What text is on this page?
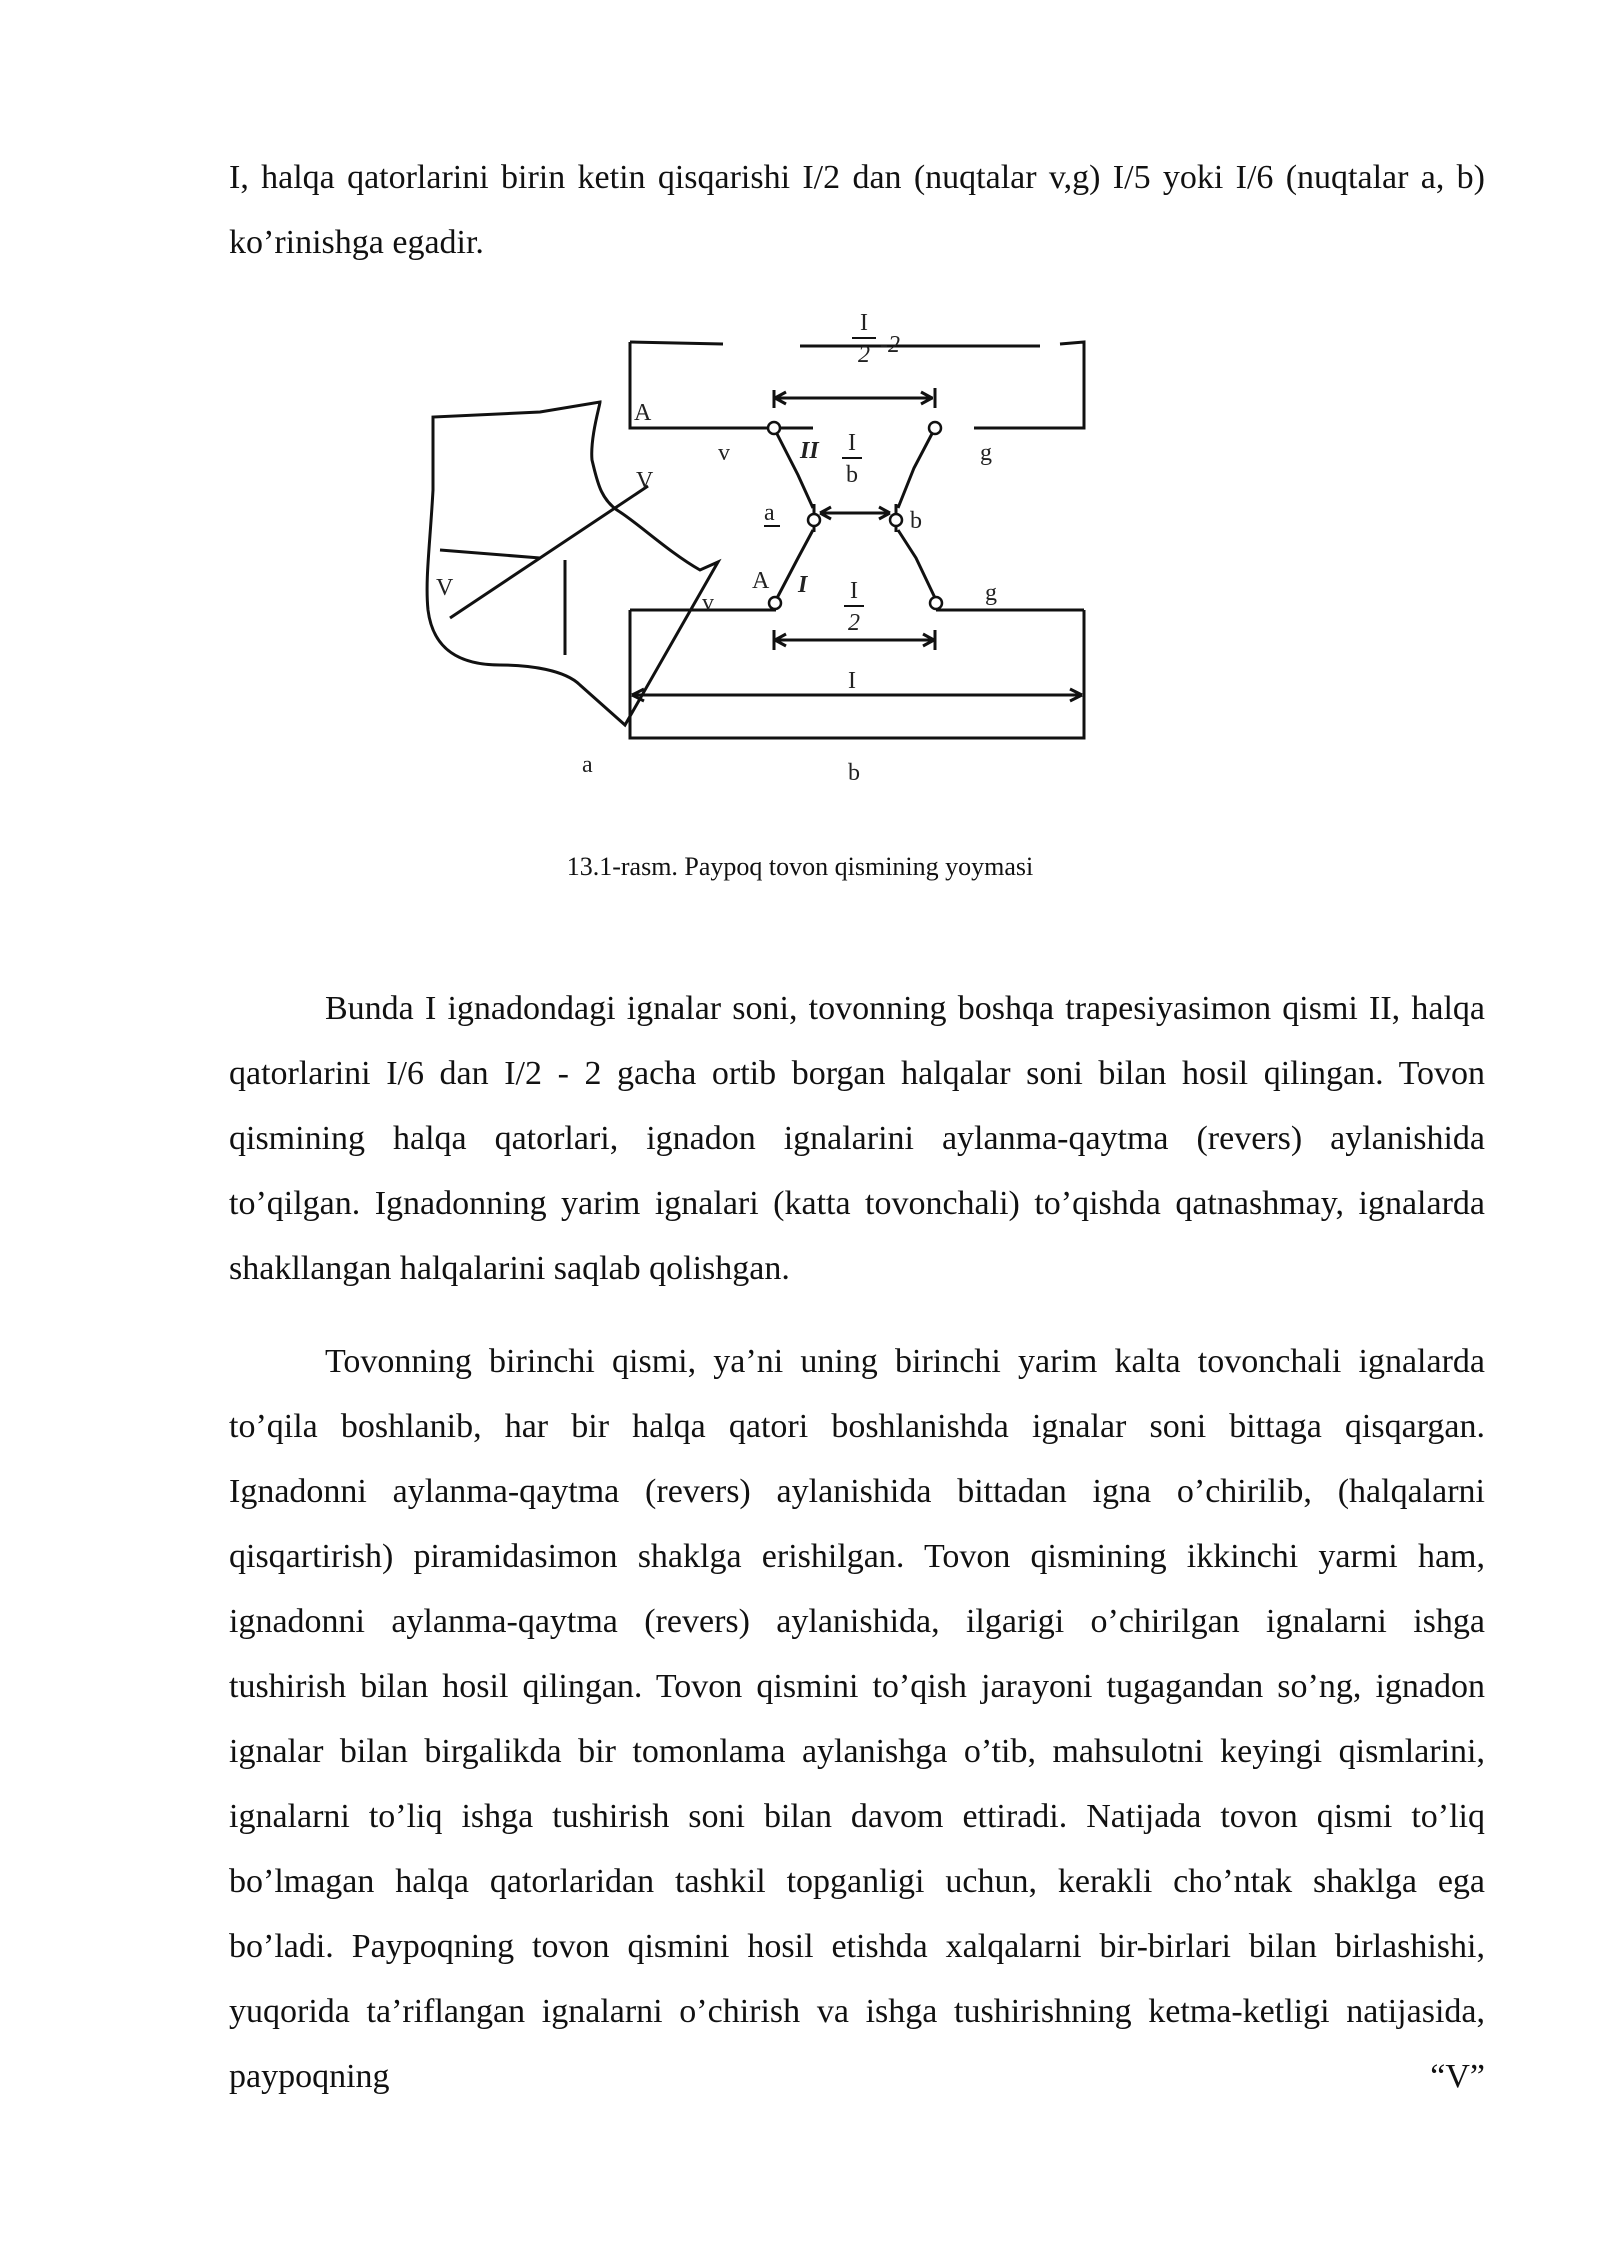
I, halqa qatorlarini birin ketin qisqarishi I/2 dan (nuqtalar v,g) I/5 yoki I/6 (nuqtalar a, b) ko’rinishga egadir.

A
V
A
V
a
I
2 -2
II I
b
I I
2
I
v	g
a	b
v	g
b
13.1-rasm. Paypoq tovon qismining yoymasi

Bunda I ignadondagi ignalar soni, tovonning boshqa trapesiyasimon qismi II, halqa qatorlarini I/6 dan I/2 - 2 gacha ortib borgan halqalar soni bilan hosil qilingan. Tovon qismining halqa qatorlari, ignadon ignalarini aylanma-qaytma (revers) aylanishida to’qilgan. Ignadonning yarim ignalari (katta tovonchali) to’qishda qatnashmay, ignalarda shakllangan halqalarini saqlab qolishgan.

Tovonning birinchi qismi, ya’ni uning birinchi yarim kalta tovonchali ignalarda to’qila boshlanib, har bir halqa qatori boshlanishda ignalar soni bittaga qisqargan. Ignadonni aylanma-qaytma (revers) aylanishida bittadan igna o’chirilib, (halqalarni qisqartirish) piramidasimon shaklga erishilgan. Tovon qismining ikkinchi yarmi ham, ignadonni aylanma-qaytma (revers) aylanishida, ilgarigi o’chirilgan ignalarni ishga tushirish bilan hosil qilingan. Tovon qismini to’qish jarayoni tugagandan so’ng, ignadon ignalar bilan birgalikda bir tomonlama aylanishga o’tib, mahsulotni keyingi qismlarini, ignalarni to’liq ishga tushirish soni bilan davom ettiradi. Natijada tovon qismi to’liq bo’lmagan halqa qatorlaridan tashkil topganligi uchun, kerakli cho’ntak shaklga ega bo’ladi. Paypoqning tovon qismini hosil etishda xalqalarni bir-birlari bilan birlashishi, yuqorida ta’riflangan ignalarni o’chirish va ishga tushirishning ketma-ketligi natijasida, paypoqning “V”
